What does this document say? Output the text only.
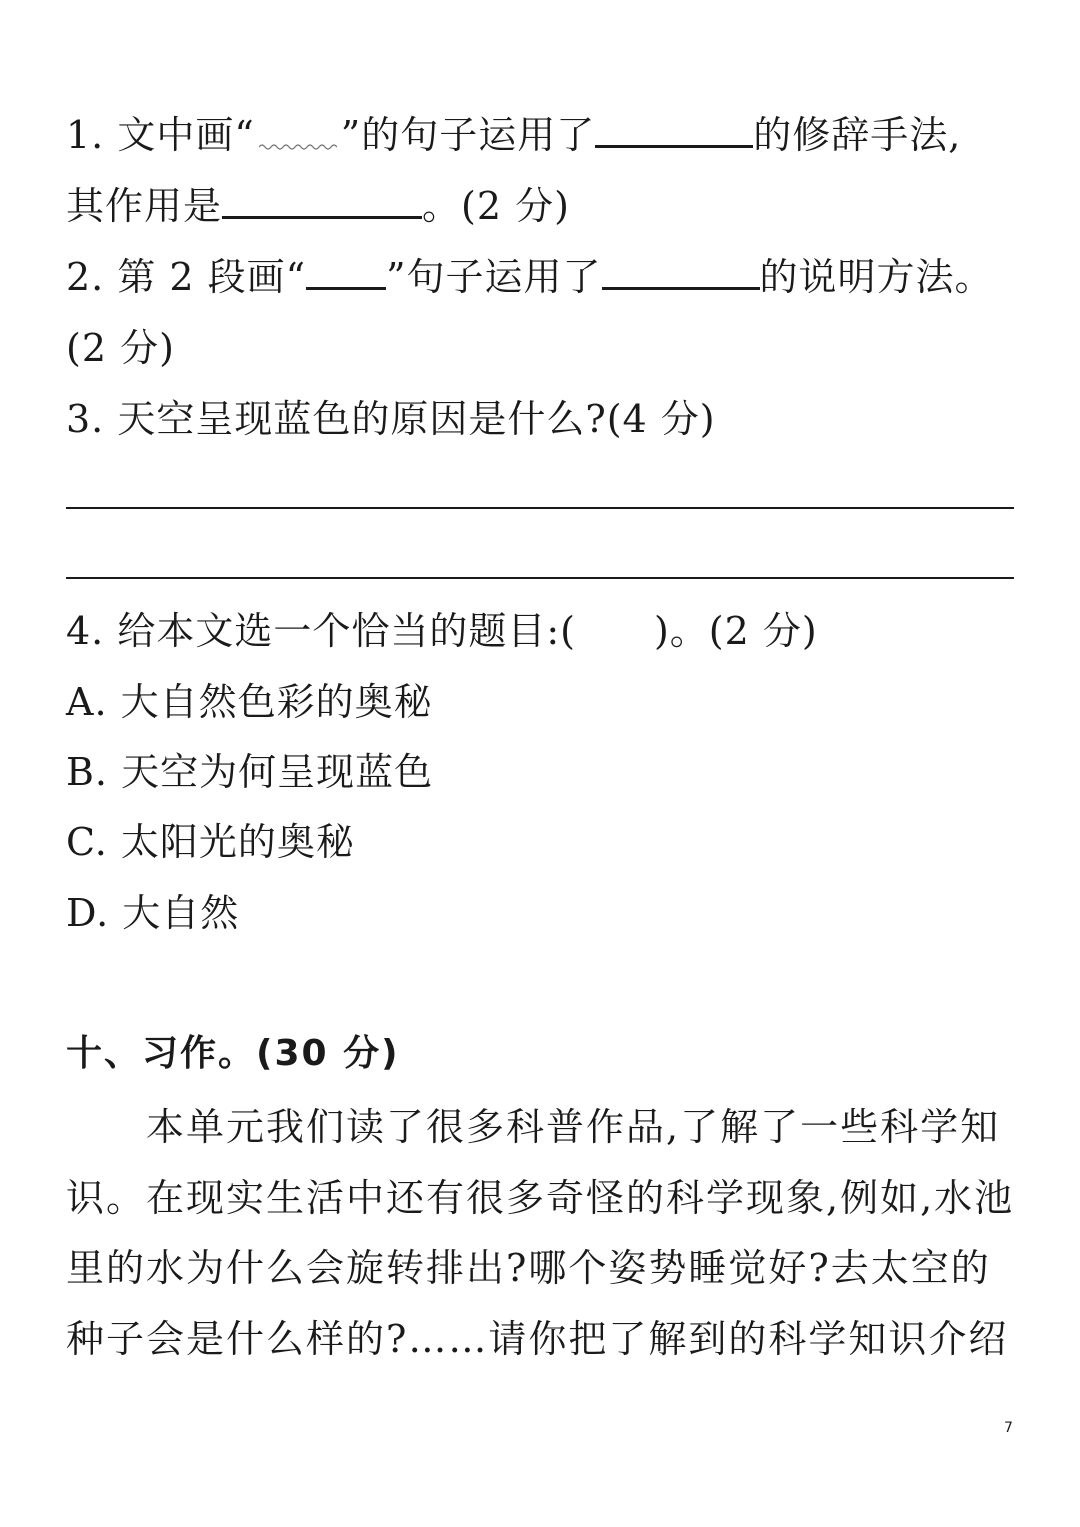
1. 文中画“ ”的句子运用了	的修辞手法,
其作用是	。(2 分)
2. 第 2 段画“ ”句子运用了	的说明方法。
(2 分)
3. 天空呈现蓝色的原因是什么?(4 分)
4. 给本文选一个恰当的题目:(　　)。(2 分)
A. 大自然色彩的奥秘
B. 天空为何呈现蓝色
C. 太阳光的奥秘
D. 大自然
十、习作。(30 分)
本单元我们读了很多科普作品,了解了一些科学知
识。在现实生活中还有很多奇怪的科学现象,例如,水池
里的水为什么会旋转排出?哪个姿势睡觉好?去太空的
种子会是什么样的?……请你把了解到的科学知识介绍
7
